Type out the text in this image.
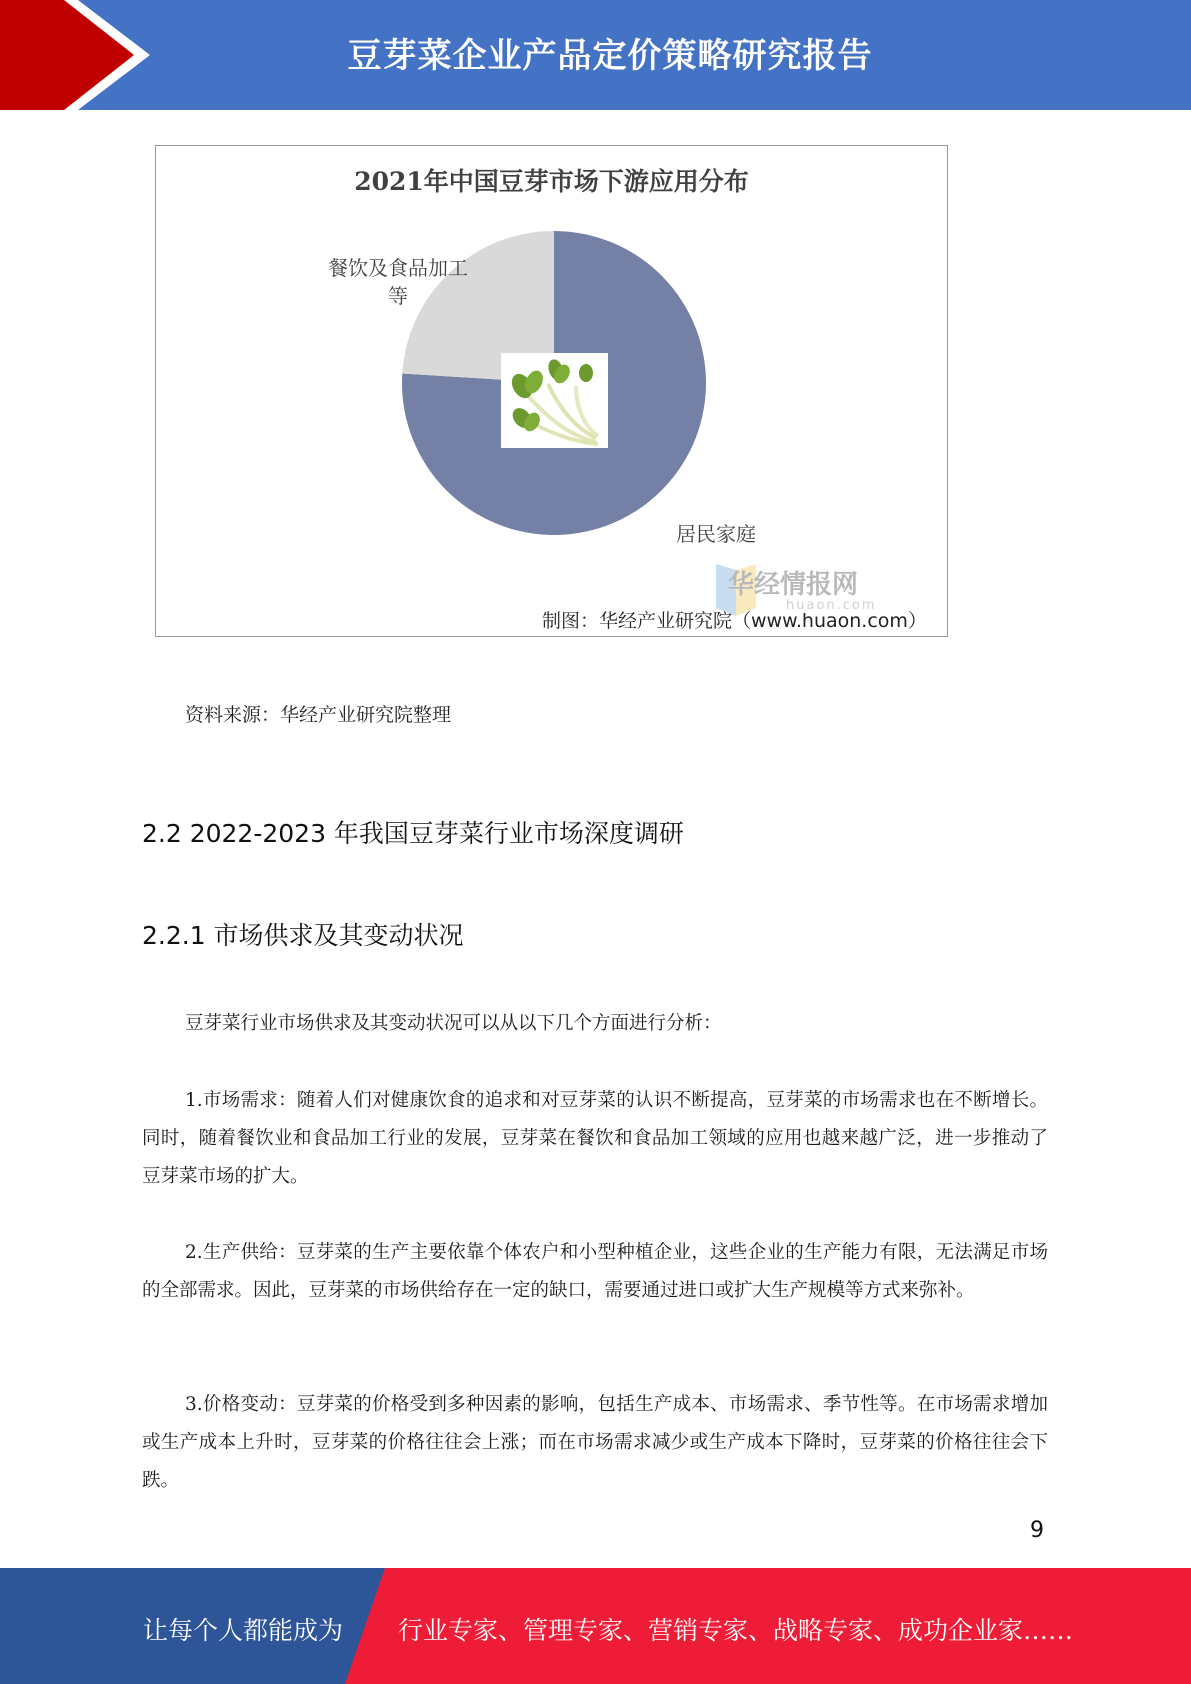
豆芽菜企业产品定价策略研究报告
2021年中国豆芽市场下游应用分布
餐饮及食品加工等
居民家庭
华经情报网
huaon.com
制图：华经产业研究院（www.huaon.com）
资料来源：华经产业研究院整理
2.2 2022-2023 年我国豆芽菜行业市场深度调研
2.2.1 市场供求及其变动状况

豆芽菜行业市场供求及其变动状况可以从以下几个方面进行分析：

1.市场需求：随着人们对健康饮食的追求和对豆芽菜的认识不断提高，豆芽菜的市场需求也在不断增长。同时，随着餐饮业和食品加工行业的发展，豆芽菜在餐饮和食品加工领域的应用也越来越广泛，进一步推动了豆芽菜市场的扩大。

2.生产供给：豆芽菜的生产主要依靠个体农户和小型种植企业，这些企业的生产能力有限，无法满足市场的全部需求。因此，豆芽菜的市场供给存在一定的缺口，需要通过进口或扩大生产规模等方式来弥补。

3.价格变动：豆芽菜的价格受到多种因素的影响，包括生产成本、市场需求、季节性等。在市场需求增加或生产成本上升时，豆芽菜的价格往往会上涨；而在市场需求减少或生产成本下降时，豆芽菜的价格往往会下跌。

9
让每个人都能成为 行业专家、管理专家、营销专家、战略专家、成功企业家……
